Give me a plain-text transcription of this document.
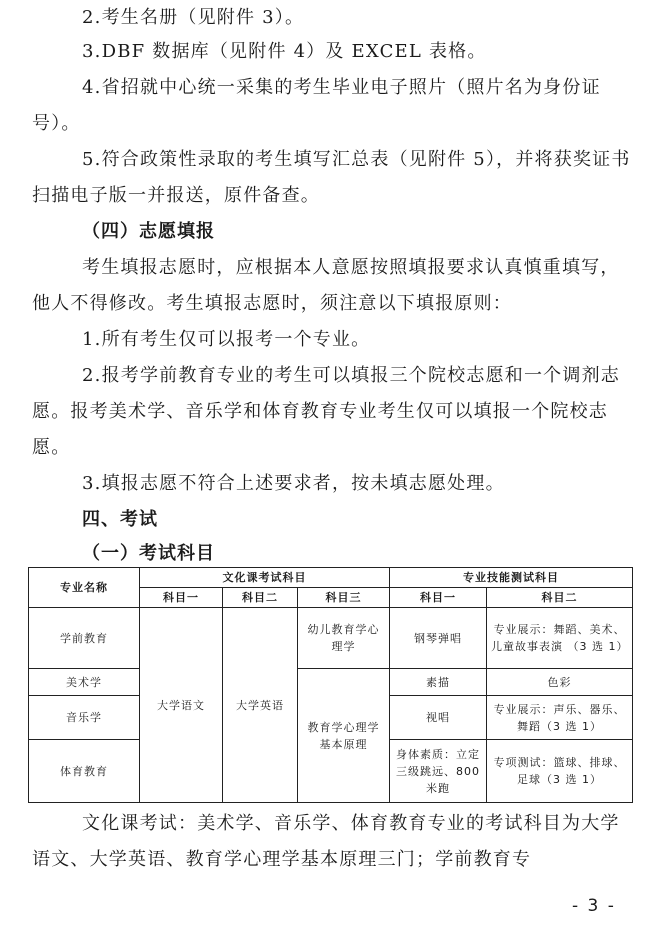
2.考生名册（见附件 3）。

3.DBF 数据库（见附件 4）及 EXCEL 表格。

4.省招就中心统一采集的考生毕业电子照片（照片名为身份证号）。

5.符合政策性录取的考生填写汇总表（见附件 5），并将获奖证书扫描电子版一并报送，原件备查。

（四）志愿填报

考生填报志愿时，应根据本人意愿按照填报要求认真慎重填写，他人不得修改。考生填报志愿时，须注意以下填报原则：

1.所有考生仅可以报考一个专业。

2.报考学前教育专业的考生可以填报三个院校志愿和一个调剂志愿。报考美术学、音乐学和体育教育专业考生仅可以填报一个院校志愿。

3.填报志愿不符合上述要求者，按未填志愿处理。

四、考试

（一）考试科目

专业名称	文化课考试科目			专业技能测试科目	
	科目一	科目二	科目三	科目一	科目二
学前教育	大学语文	大学英语	幼儿教育学心理学	钢琴弹唱	专业展示：舞蹈、美术、儿童故事表演 （3 选 1）
美术学			教育学心理学基本原理	素描	色彩
音乐学				视唱	专业展示：声乐、器乐、舞蹈（3 选 1）
体育教育				身体素质：立定三级跳远、800 米跑	专项测试：篮球、排球、足球（3 选 1）

文化课考试：美术学、音乐学、体育教育专业的考试科目为大学语文、大学英语、教育学心理学基本原理三门；学前教育专

- 3 -
